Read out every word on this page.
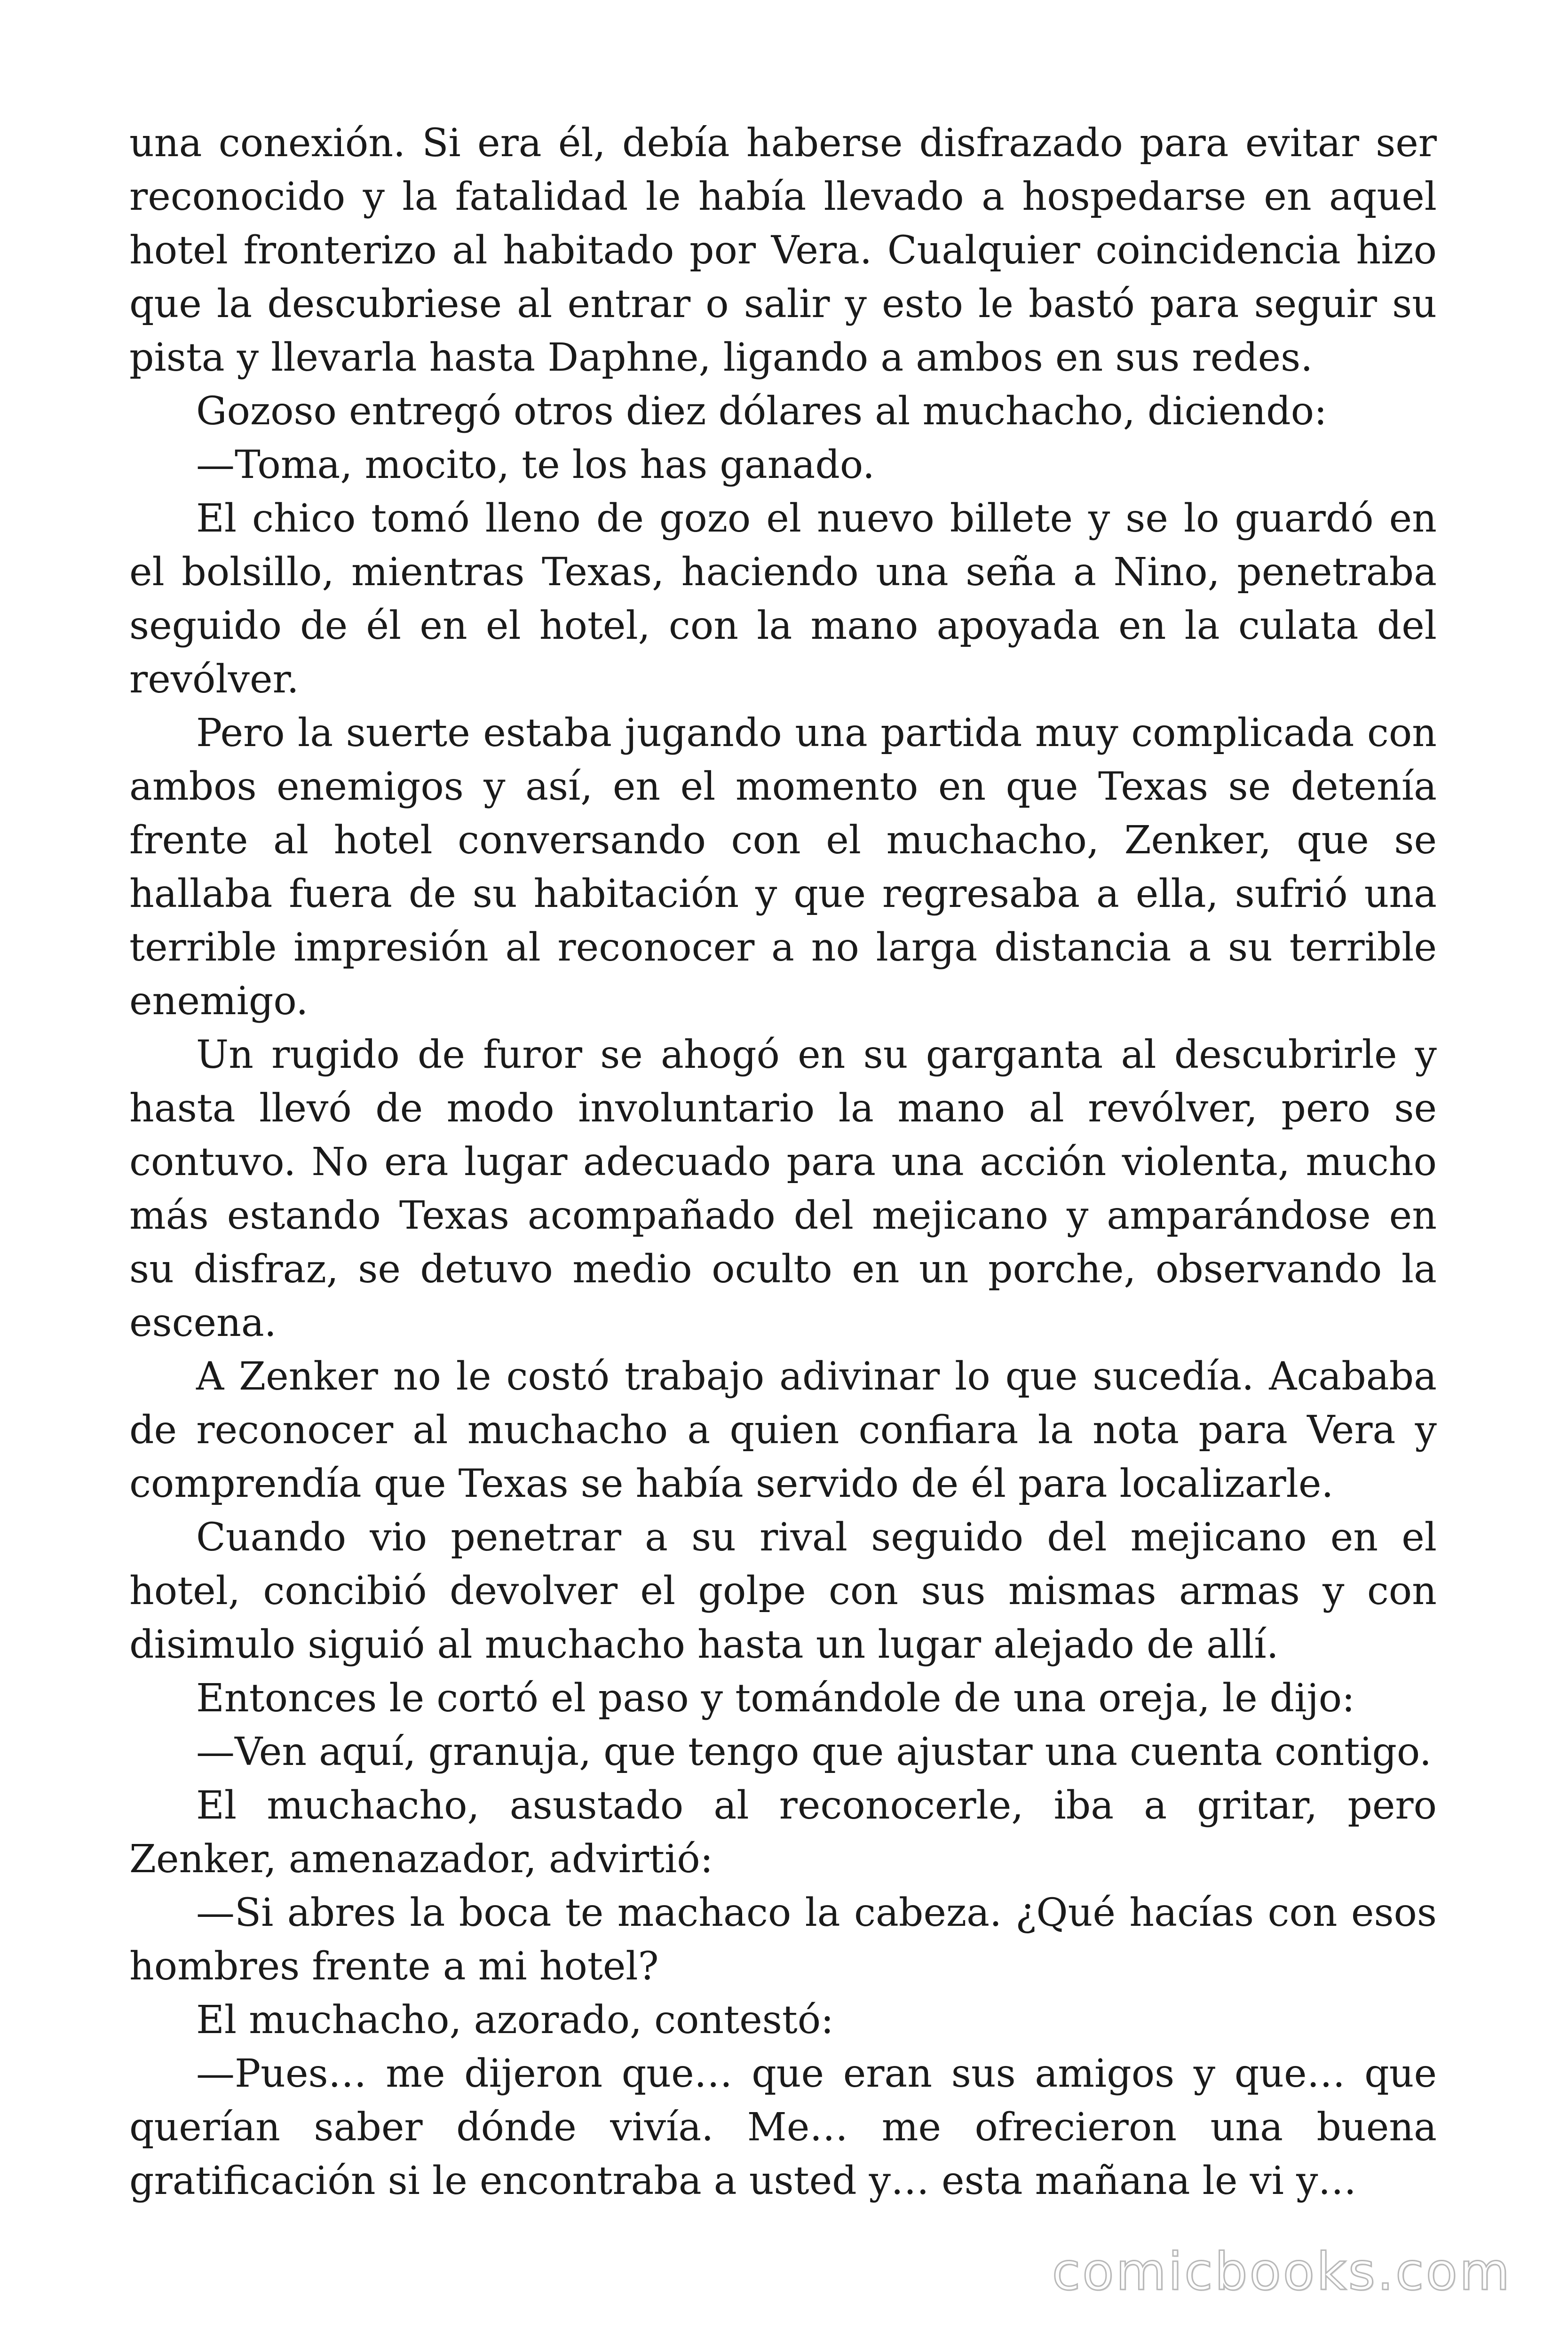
una conexión. Si era él, debía haberse disfrazado para evitar ser reconocido y la fatalidad le había llevado a hospedarse en aquel hotel fronterizo al habitado por Vera. Cualquier coincidencia hizo que la descubriese al entrar o salir y esto le bastó para seguir su pista y llevarla hasta Daphne, ligando a ambos en sus redes.

Gozoso entregó otros diez dólares al muchacho, diciendo:

—Toma, mocito, te los has ganado.

El chico tomó lleno de gozo el nuevo billete y se lo guardó en el bolsillo, mientras Texas, haciendo una seña a Nino, penetraba seguido de él en el hotel, con la mano apoyada en la culata del revólver.

Pero la suerte estaba jugando una partida muy complicada con ambos enemigos y así, en el momento en que Texas se detenía frente al hotel conversando con el muchacho, Zenker, que se hallaba fuera de su habitación y que regresaba a ella, sufrió una terrible impresión al reconocer a no larga distancia a su terrible enemigo.

Un rugido de furor se ahogó en su garganta al descubrirle y hasta llevó de modo involuntario la mano al revólver, pero se contuvo. No era lugar adecuado para una acción violenta, mucho más estando Texas acompañado del mejicano y amparándose en su disfraz, se detuvo medio oculto en un porche, observando la escena.

A Zenker no le costó trabajo adivinar lo que sucedía. Acababa de reconocer al muchacho a quien confiara la nota para Vera y comprendía que Texas se había servido de él para localizarle.

Cuando vio penetrar a su rival seguido del mejicano en el hotel, concibió devolver el golpe con sus mismas armas y con disimulo siguió al muchacho hasta un lugar alejado de allí.

Entonces le cortó el paso y tomándole de una oreja, le dijo:

—Ven aquí, granuja, que tengo que ajustar una cuenta contigo.

El muchacho, asustado al reconocerle, iba a gritar, pero Zenker, amenazador, advirtió:

—Si abres la boca te machaco la cabeza. ¿Qué hacías con esos hombres frente a mi hotel?

El muchacho, azorado, contestó:

—Pues… me dijeron que… que eran sus amigos y que… que querían saber dónde vivía. Me… me ofrecieron una buena gratificación si le encontraba a usted y… esta mañana le vi y…

comicbooks.com
